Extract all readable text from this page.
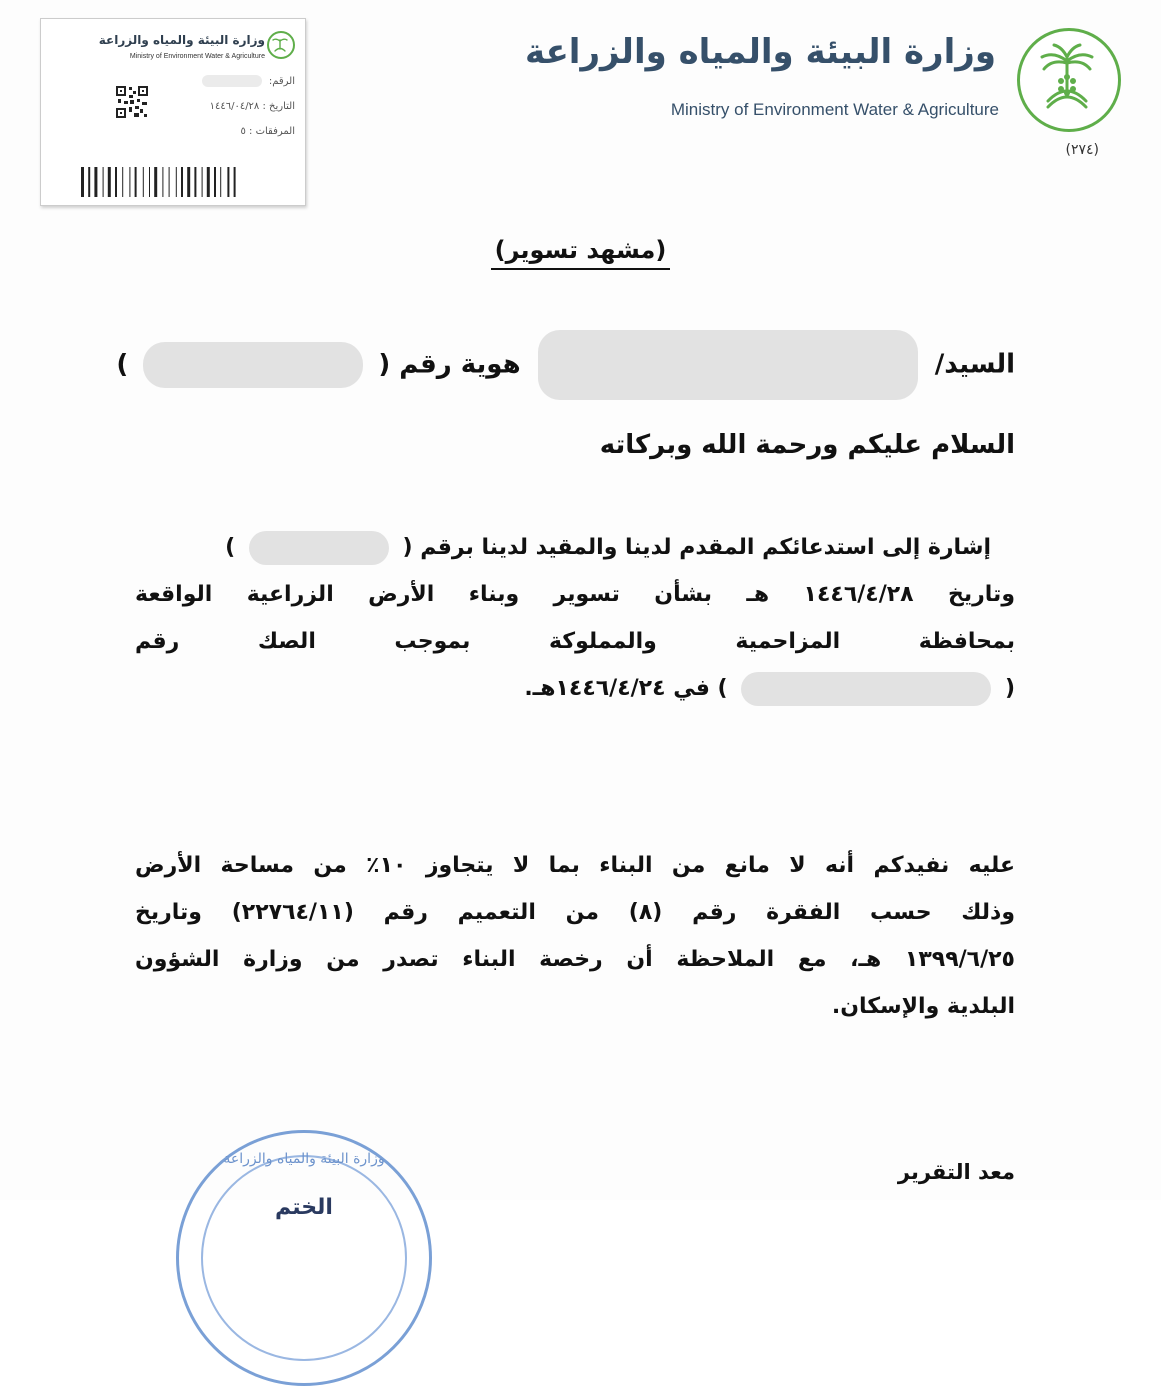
وزارة البيئة والمياه والزراعة
Ministry of Environment Water & Agriculture
(٢٧٤)
وزارة البيئة والمياه والزراعة
Ministry of Environment Water & Agriculture
الرقم:
التاريخ : ١٤٤٦/٠٤/٢٨
المرفقات : ٥
(مشهد تسوير)
السيد/  هوية رقم (  )
السلام عليكم ورحمة الله وبركاته
إشارة إلى استدعائكم المقدم لدينا والمقيد لدينا برقم (  )
وتاريخ ١٤٤٦/٤/٢٨ هـ بشأن تسوير وبناء الأرض الزراعية الواقعة
بمحافظة المزاحمية والمملوكة بموجب الصك رقم
(  ) في ١٤٤٦/٤/٢٤هـ.
عليه نفيدكم أنه لا مانع من البناء بما لا يتجاوز ١٠٪ من مساحة الأرض
وذلك حسب الفقرة رقم (٨) من التعميم رقم (٢٢٧٦٤/١١) وتاريخ
١٣٩٩/٦/٢٥ هـ، مع الملاحظة أن رخصة البناء تصدر من وزارة الشؤون
البلدية والإسكان.
الختم
وزارة البيئة والمياه والزراعة
معد التقرير
